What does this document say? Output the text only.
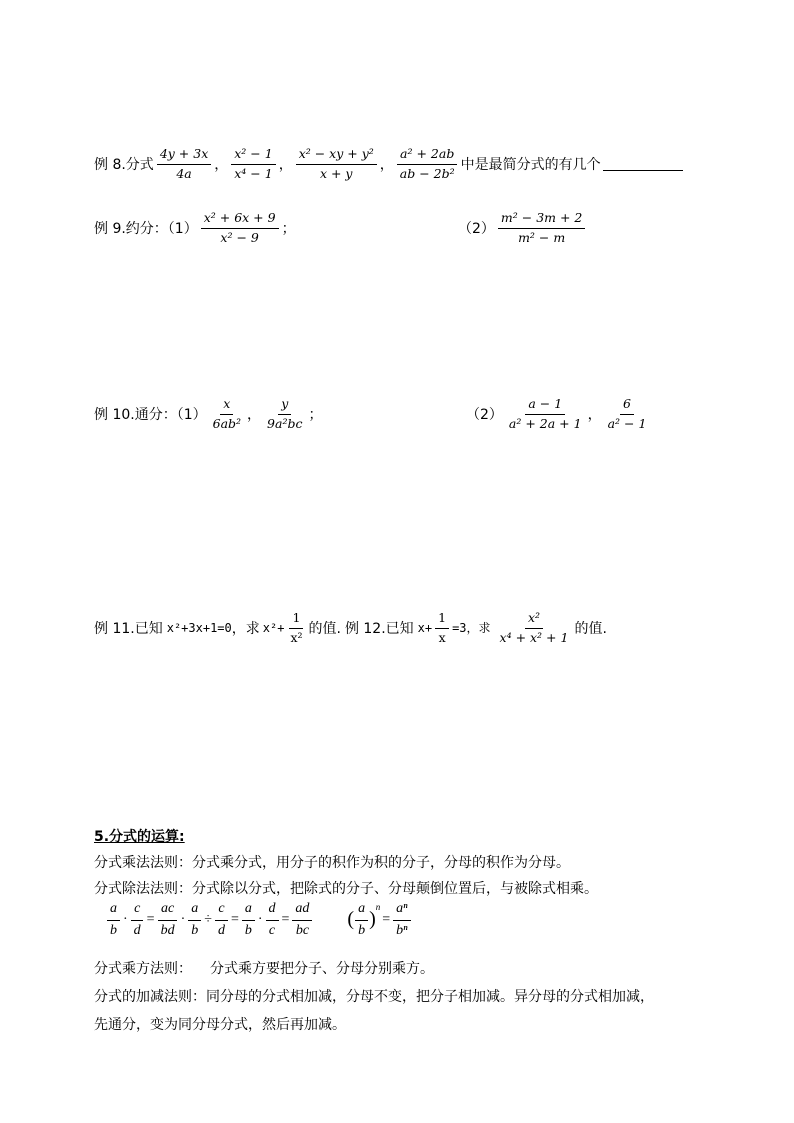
例 8.分式 $\frac{4y + 3x}{4a}$ ， $\frac{\text{x² − 1}}{\text{x⁴ − 1}}$ ， $\frac{\text{x² − xy + y²}}{x + y}$ ， $\frac{\text{a² + 2ab}}{\text{ab − 2b²}}$ 中是最简分式的有几个
例 9.约分：$(1) \frac{\text{x² + 6x + 9}}{\text{x² − 9}}$ ；	$(2) \frac{\text{m² − 3m + 2}}{\text{m² − m}}$
例 10.通分：$(1) \frac{x}{\text{6ab²}}$ ， $\frac{y}{\text{9a²bc}}$ ；	$(2) \frac{a - 1}{\text{a² + 2a + 1}}$ ， $\frac{6}{\text{a² − 1}}$
例 11.已知 x²+3x+1=0 ，求 $x^2+ \frac{1}{\text{x²}}$ 的值. 例 12.已知 $x+ \frac{1}{x} =3$，求 $\frac{\text{x²}}{\text{x⁴ + x² + 1}}$ 的值.
5.分式的运算:
分式乘法法则：分式乘分式，用分子的积作为积的分子，分母的积作为分母。
分式除法法则：分式除以分式，把除式的分子、分母颠倒位置后，与被除式相乘。
$\frac{a}{b} \cdot \frac{c}{d} = \frac{ac}{bd} \cdot \frac{a}{b} \div \frac{c}{d} = \frac{a}{b} \cdot \frac{d}{c} = \frac{ad}{bc}$ ( $\frac{a}{b}$ )
$^n$
= $\frac{\text{aⁿ}}{\text{bⁿ}}$
分式乘方法则： 分式乘方要把分子、分母分别乘方。
分式的加减法则：同分母的分式相加减，分母不变，把分子相加减。异分母的分式相加减，
先通分，变为同分母分式，然后再加减。
